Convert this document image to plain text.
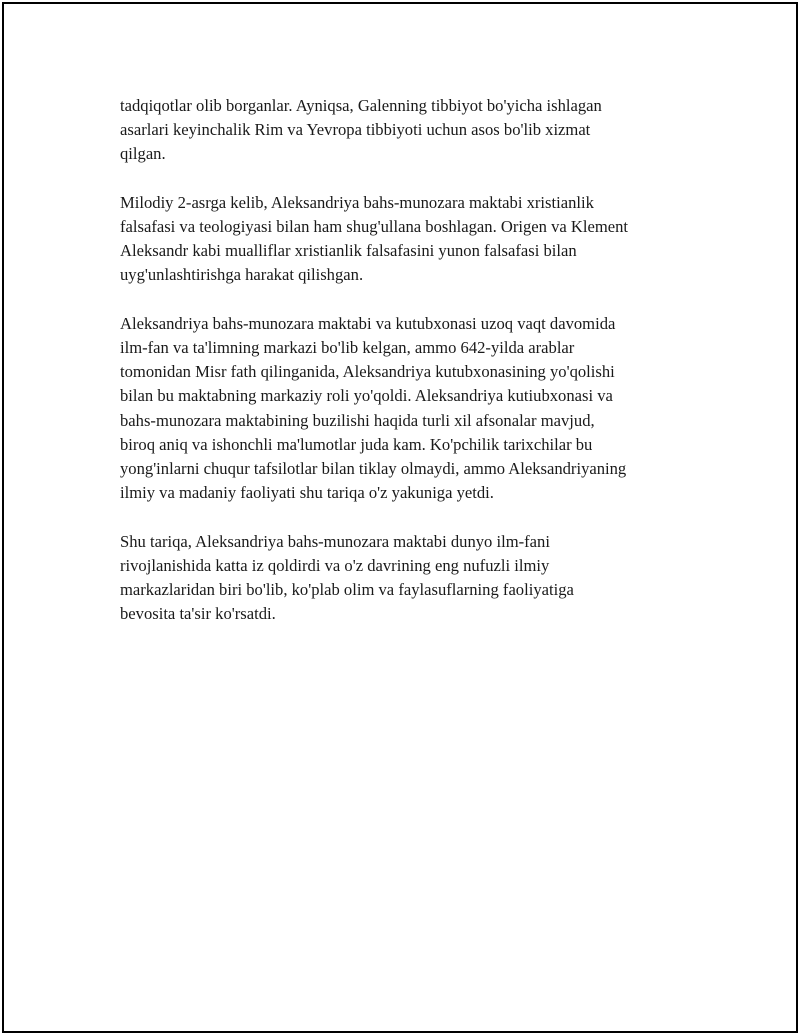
tadqiqotlar olib borganlar. Ayniqsa, Galenning tibbiyot bo'yicha ishlagan
asarlari keyinchalik Rim va Yevropa tibbiyoti uchun asos bo'lib xizmat
qilgan.

Milodiy 2-asrga kelib, Aleksandriya bahs-munozara maktabi xristianlik
falsafasi va teologiyasi bilan ham shug'ullana boshlagan. Origen va Klement
Aleksandr kabi mualliflar xristianlik falsafasini yunon falsafasi bilan
uyg'unlashtirishga harakat qilishgan.

Aleksandriya bahs-munozara maktabi va kutubxonasi uzoq vaqt davomida
ilm-fan va ta'limning markazi bo'lib kelgan, ammo 642-yilda arablar
tomonidan Misr fath qilinganida, Aleksandriya kutubxonasining yo'qolishi
bilan bu maktabning markaziy roli yo'qoldi. Aleksandriya kutiubxonasi va
bahs-munozara maktabining buzilishi haqida turli xil afsonalar mavjud,
biroq aniq va ishonchli ma'lumotlar juda kam. Ko'pchilik tarixchilar bu
yong'inlarni chuqur tafsilotlar bilan tiklay olmaydi, ammo Aleksandriyaning
ilmiy va madaniy faoliyati shu tariqa o'z yakuniga yetdi.

Shu tariqa, Aleksandriya bahs-munozara maktabi dunyo ilm-fani
rivojlanishida katta iz qoldirdi va o'z davrining eng nufuzli ilmiy
markazlaridan biri bo'lib, ko'plab olim va faylasuflarning faoliyatiga
bevosita ta'sir ko'rsatdi.
